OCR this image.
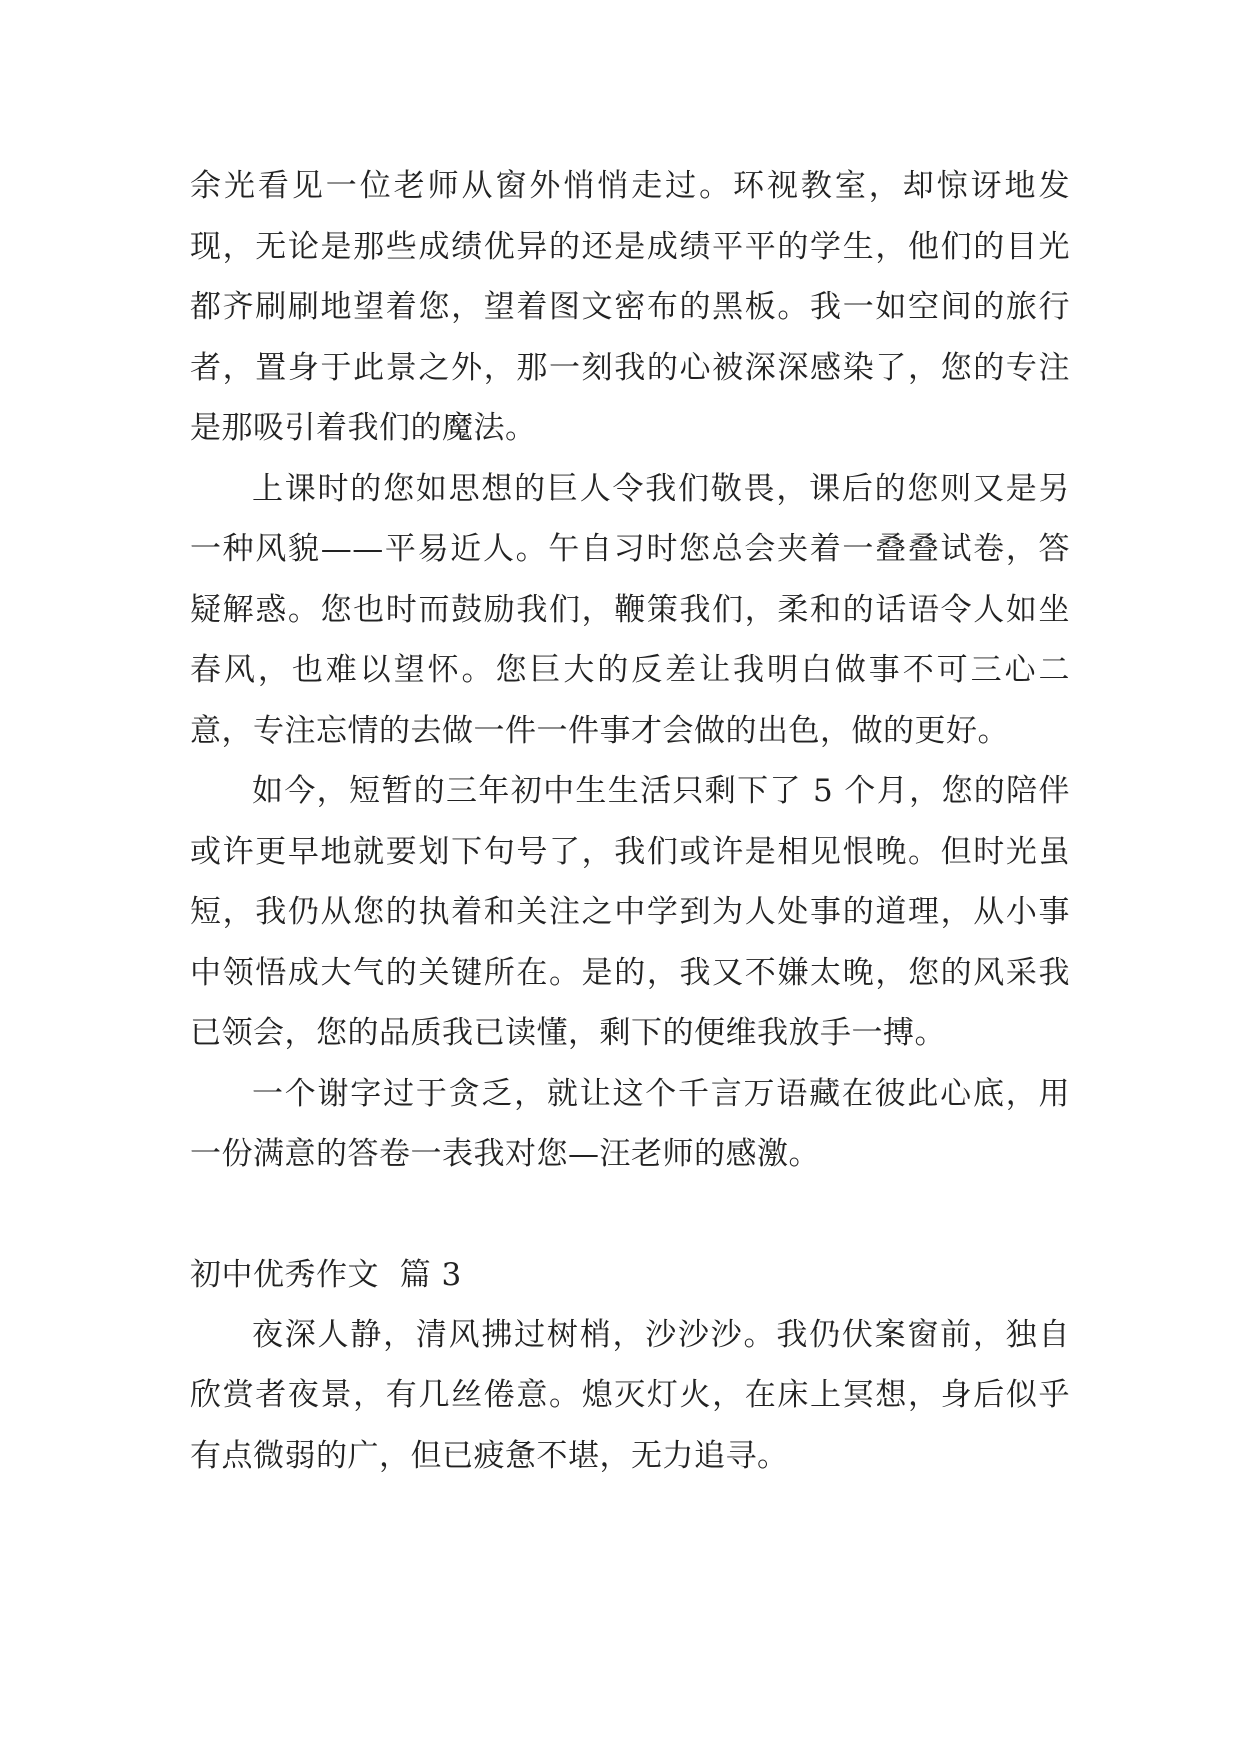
余光看见一位老师从窗外悄悄走过。环视教室，却惊讶地发现，无论是那些成绩优异的还是成绩平平的学生，他们的目光都齐刷刷地望着您，望着图文密布的黑板。我一如空间的旅行者，置身于此景之外，那一刻我的心被深深感染了，您的专注是那吸引着我们的魔法。

上课时的您如思想的巨人令我们敬畏，课后的您则又是另一种风貌——平易近人。午自习时您总会夹着一叠叠试卷，答疑解惑。您也时而鼓励我们，鞭策我们，柔和的话语令人如坐春风，也难以望怀。您巨大的反差让我明白做事不可三心二意，专注忘情的去做一件一件事才会做的出色，做的更好。

如今，短暂的三年初中生生活只剩下了 5 个月，您的陪伴或许更早地就要划下句号了，我们或许是相见恨晚。但时光虽短，我仍从您的执着和关注之中学到为人处事的道理，从小事中领悟成大气的关键所在。是的，我又不嫌太晚，您的风采我已领会，您的品质我已读懂，剩下的便维我放手一搏。

一个谢字过于贪乏，就让这个千言万语藏在彼此心底，用一份满意的答卷一表我对您—汪老师的感激。

初中优秀作文  篇 3

夜深人静，清风拂过树梢，沙沙沙。我仍伏案窗前，独自欣赏者夜景，有几丝倦意。熄灭灯火，在床上冥想，身后似乎有点微弱的广，但已疲惫不堪，无力追寻。
